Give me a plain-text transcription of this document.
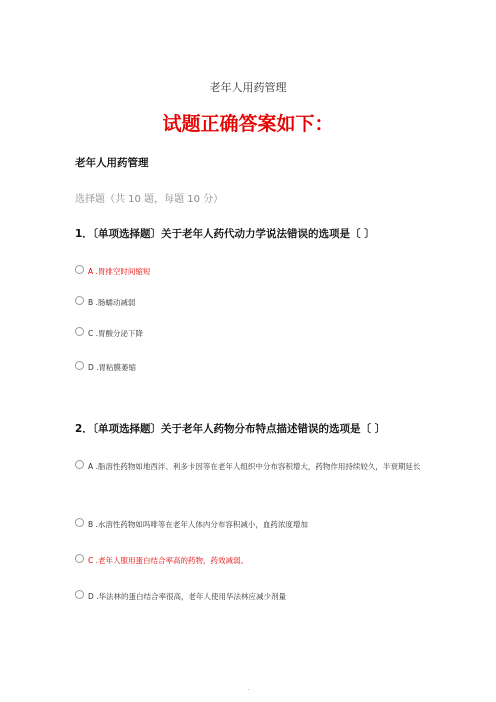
老年人用药管理
试题正确答案如下：
老年人用药管理
选择题（共 10 题，每题 10 分）
1．〔单项选择题〕关于老年人药代动力学说法错误的选项是〔 〕
A .胃排空时间缩短
B .肠蠕动减弱
C .胃酸分泌下降
D .胃粘膜萎缩
2．〔单项选择题〕关于老年人药物分布特点描述错误的选项是〔 〕
A .脂溶性药物如地西泮、利多卡因等在老年人组织中分布容积增大，药物作用持续较久，半衰期延长
B .水溶性药物如吗啡等在老年人体内分布容积减小，血药浓度增加
C .老年人服用蛋白结合率高的药物，药效减弱。
D .华法林的蛋白结合率很高，老年人使用华法林应减少剂量
.
